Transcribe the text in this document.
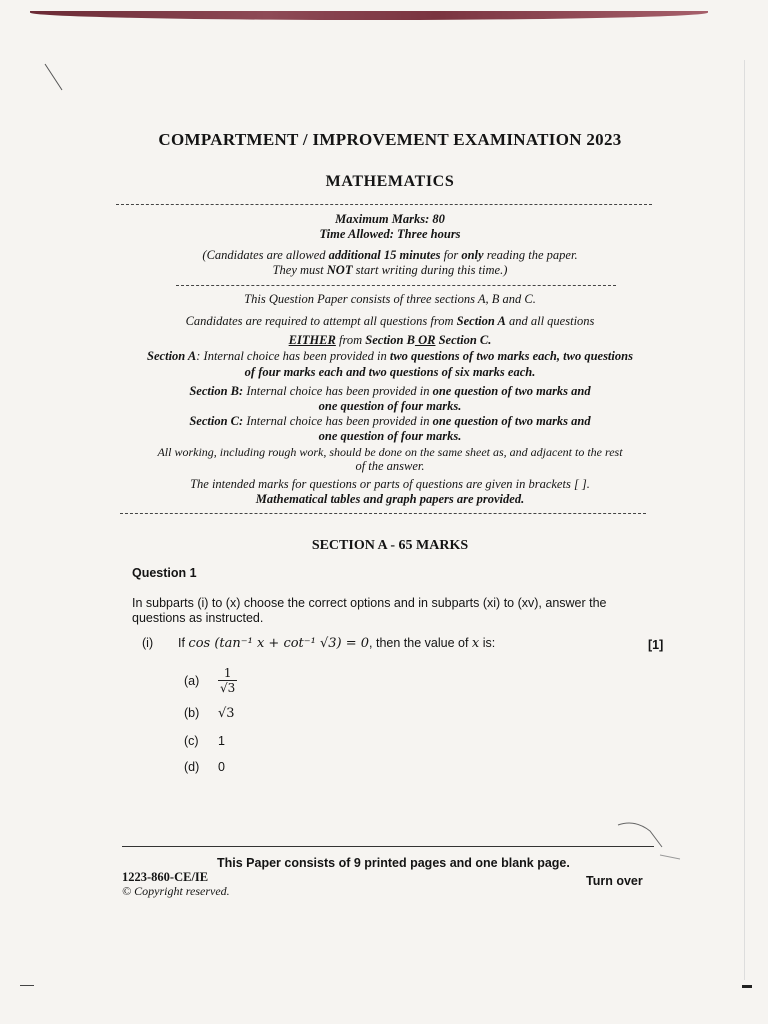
COMPARTMENT / IMPROVEMENT EXAMINATION 2023
MATHEMATICS
Maximum Marks: 80
Time Allowed: Three hours
(Candidates are allowed additional 15 minutes for only reading the paper.
They must NOT start writing during this time.)
This Question Paper consists of three sections A, B and C.
Candidates are required to attempt all questions from Section A and all questions
EITHER from Section B OR Section C.
Section A: Internal choice has been provided in two questions of two marks each, two questions
of four marks each and two questions of six marks each.
Section B: Internal choice has been provided in one question of two marks and
one question of four marks.
Section C: Internal choice has been provided in one question of two marks and
one question of four marks.
All working, including rough work, should be done on the same sheet as, and adjacent to the rest
of the answer.
The intended marks for questions or parts of questions are given in brackets [ ].
Mathematical tables and graph papers are provided.
SECTION A - 65 MARKS
Question 1
In subparts (i) to (x) choose the correct options and in subparts (xi) to (xv), answer the questions as instructed.
(i) If cos (tan⁻¹ x + cot⁻¹ √3) = 0, then the value of x is:	[1]
$(a) \frac{1}{√3}$
(b) √3
(c) 1
(d) 0
This Paper consists of 9 printed pages and one blank page.
1223-860-CE/IE
© Copyright reserved.
Turn over
